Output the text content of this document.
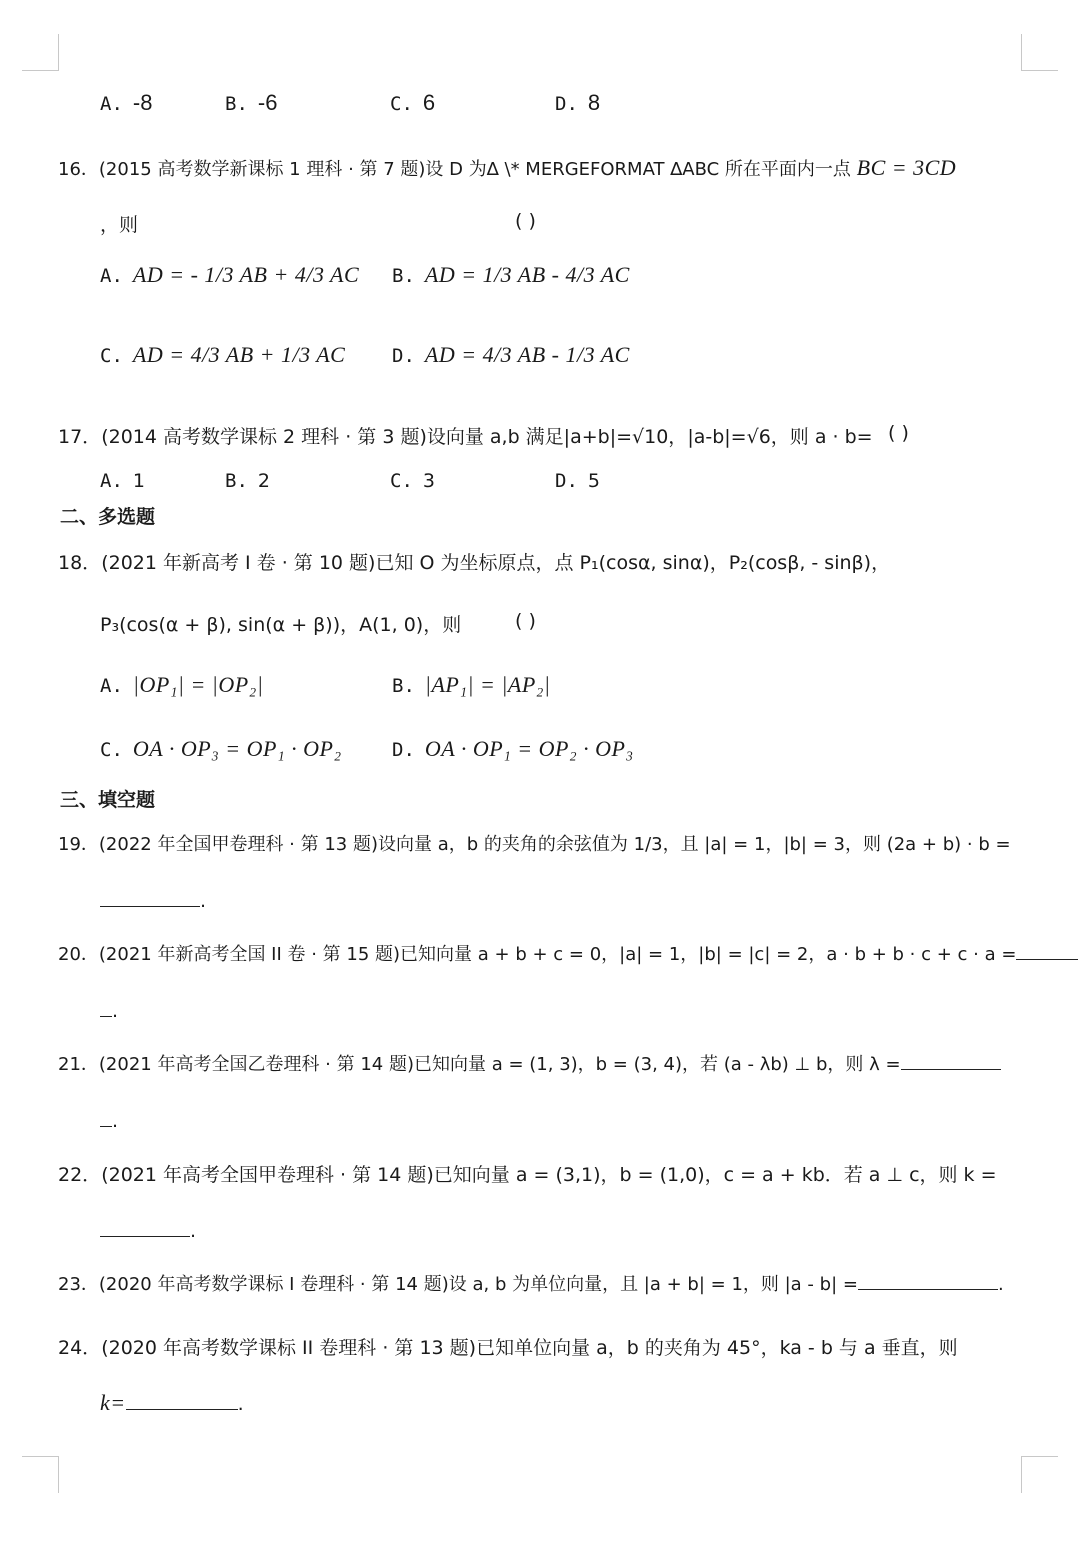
A. -8	B. -6	C. 6	D. 8
16．(2015 高考数学新课标 1 理科 · 第 7 题)设 D 为∆ \* MERGEFORMAT ∆ABC 所在平面内一点 BC = 3CD
，则	( )
A. AD = - 1/3 AB + 4/3 AC B. AD = 1/3 AB - 4/3 AC
C. AD = 4/3 AB + 1/3 AC D. AD = 4/3 AB - 1/3 AC
17．(2014 高考数学课标 2 理科 · 第 3 题)设向量 a,b 满足|a+b|=√10，|a-b|=√6，则 a · b= ( )
A. 1	B. 2	C. 3	D. 5
二、多选题
18．(2021 年新高考 Ⅰ 卷 · 第 10 题)已知 O 为坐标原点，点 P₁(cosα, sinα)，P₂(cosβ, - sinβ)，
P₃(cos(α + β), sin(α + β))，A(1, 0)，则	( )
A. |OP₁| = |OP₂|	B. |AP₁| = |AP₂|
C. OA · OP₃ = OP₁ · OP₂	D. OA · OP₁ = OP₂ · OP₃
三、填空题
19．(2022 年全国甲卷理科 · 第 13 题)设向量 a，b 的夹角的余弦值为 1/3，且 |a| = 1，|b| = 3，则 (2a + b) · b =
.
20．(2021 年新高考全国 II 卷 · 第 15 题)已知向量 a + b + c = 0，|a| = 1，|b| = |c| = 2，a · b + b · c + c · a =
.
21．(2021 年高考全国乙卷理科 · 第 14 题)已知向量 a = (1, 3)，b = (3, 4)，若 (a - λb) ⊥ b，则 λ =
.
22．(2021 年高考全国甲卷理科 · 第 14 题)已知向量 a = (3,1)，b = (1,0)，c = a + kb．若 a ⊥ c，则 k =
.
23．(2020 年高考数学课标 Ⅰ 卷理科 · 第 14 题)设 a, b 为单位向量，且 |a + b| = 1，则 |a - b| =	.
24．(2020 年高考数学课标 II 卷理科 · 第 13 题)已知单位向量 a，b 的夹角为 45°，ka - b 与 a 垂直，则
k=	.
